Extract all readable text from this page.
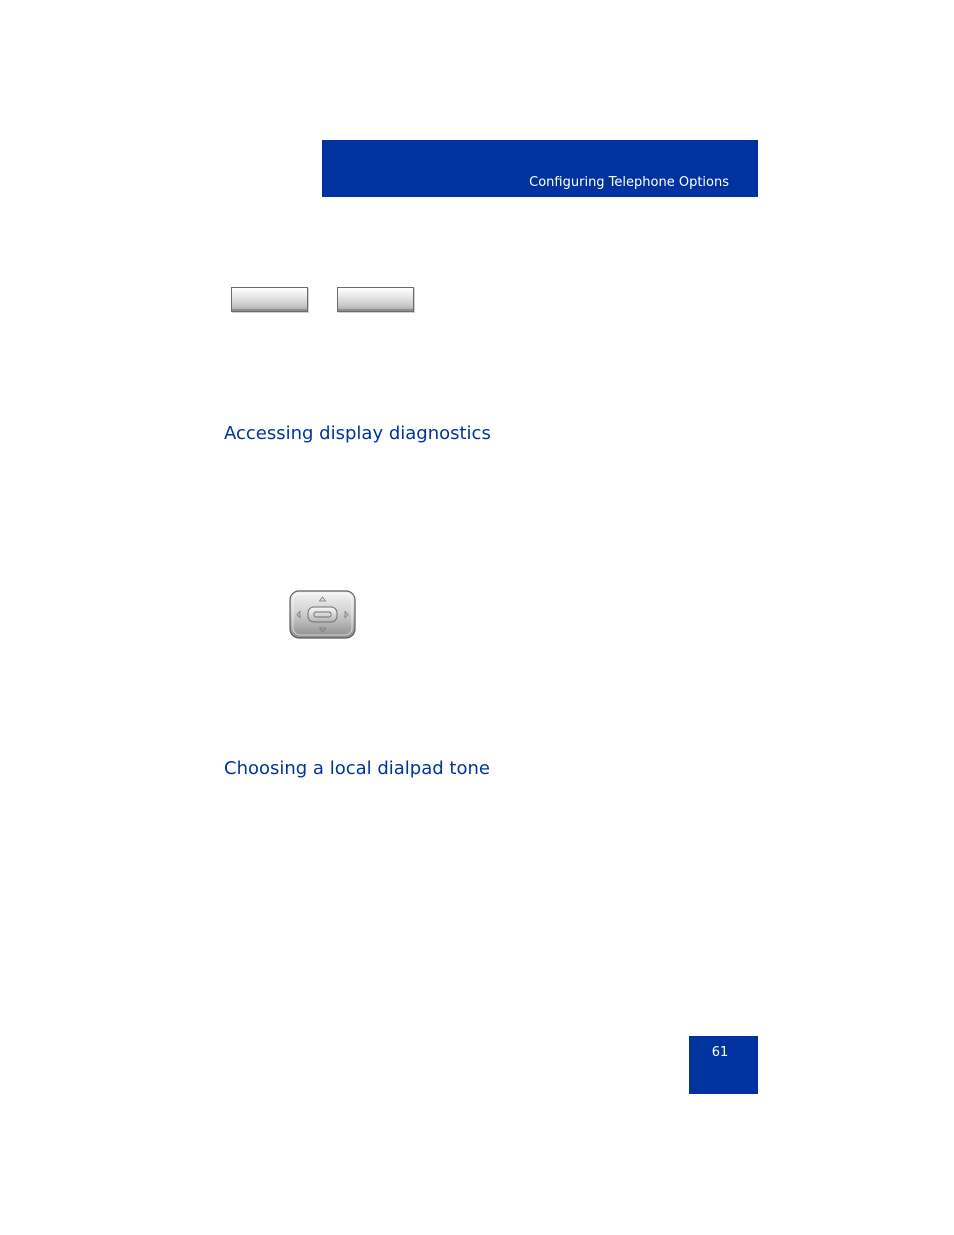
Configuring Telephone Options
Accessing display diagnostics
Choosing a local dialpad tone
61
